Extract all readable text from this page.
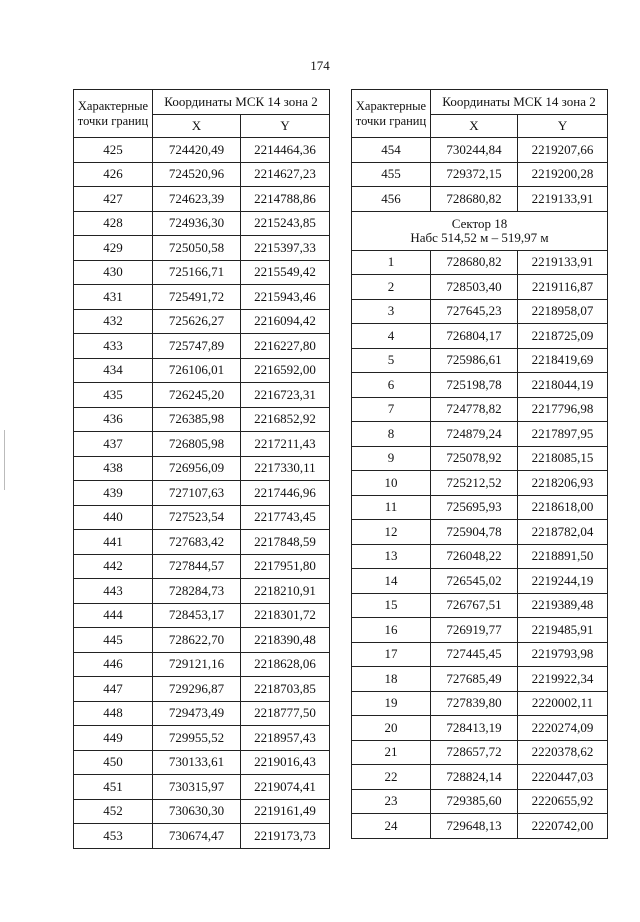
174
Характерные
точки границ	Координаты МСК 14 зона 2	
	X	Y
425	724420,49	2214464,36
426	724520,96	2214627,23
427	724623,39	2214788,86
428	724936,30	2215243,85
429	725050,58	2215397,33
430	725166,71	2215549,42
431	725491,72	2215943,46
432	725626,27	2216094,42
433	725747,89	2216227,80
434	726106,01	2216592,00
435	726245,20	2216723,31
436	726385,98	2216852,92
437	726805,98	2217211,43
438	726956,09	2217330,11
439	727107,63	2217446,96
440	727523,54	2217743,45
441	727683,42	2217848,59
442	727844,57	2217951,80
443	728284,73	2218210,91
444	728453,17	2218301,72
445	728622,70	2218390,48
446	729121,16	2218628,06
447	729296,87	2218703,85
448	729473,49	2218777,50
449	729955,52	2218957,43
450	730133,61	2219016,43
451	730315,97	2219074,41
452	730630,30	2219161,49
453	730674,47	2219173,73
Характерные
точки границ	Координаты МСК 14 зона 2	
	X	Y
454	730244,84	2219207,66
455	729372,15	2219200,28
456	728680,82	2219133,91
Сектор 18
Набс 514,52 м – 519,97 м		
1	728680,82	2219133,91
2	728503,40	2219116,87
3	727645,23	2218958,07
4	726804,17	2218725,09
5	725986,61	2218419,69
6	725198,78	2218044,19
7	724778,82	2217796,98
8	724879,24	2217897,95
9	725078,92	2218085,15
10	725212,52	2218206,93
11	725695,93	2218618,00
12	725904,78	2218782,04
13	726048,22	2218891,50
14	726545,02	2219244,19
15	726767,51	2219389,48
16	726919,77	2219485,91
17	727445,45	2219793,98
18	727685,49	2219922,34
19	727839,80	2220002,11
20	728413,19	2220274,09
21	728657,72	2220378,62
22	728824,14	2220447,03
23	729385,60	2220655,92
24	729648,13	2220742,00
